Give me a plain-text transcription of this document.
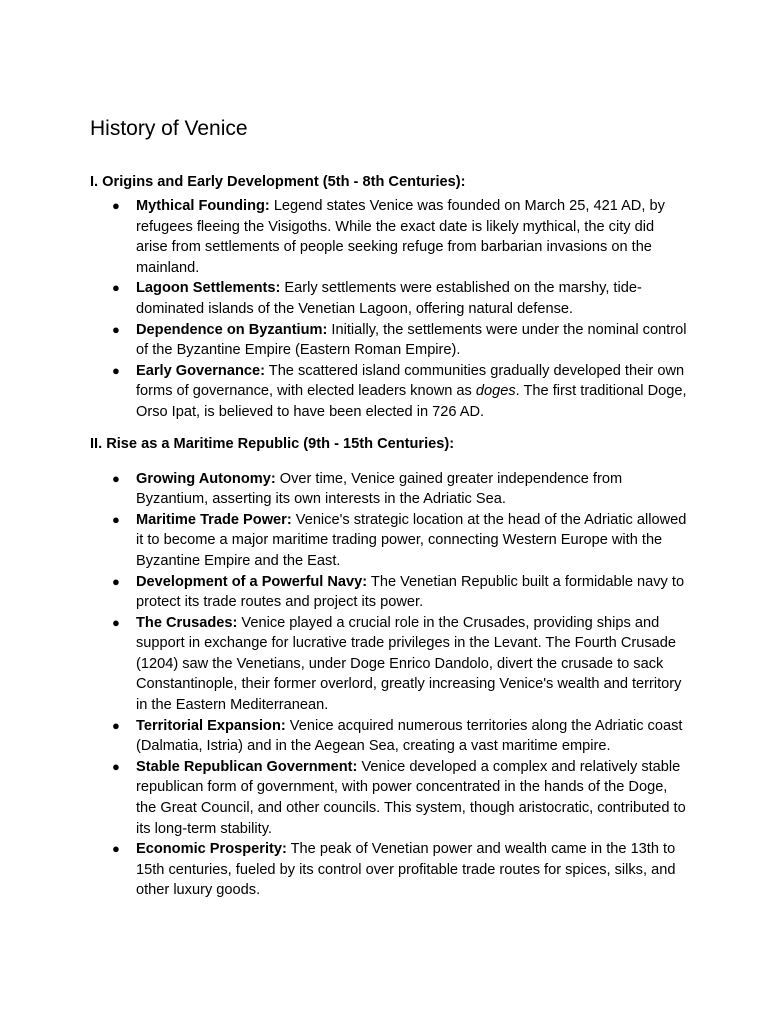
History of Venice
I. Origins and Early Development (5th - 8th Centuries):
● Mythical Founding: Legend states Venice was founded on March 25, 421 AD, by refugees fleeing the Visigoths. While the exact date is likely mythical, the city did arise from settlements of people seeking refuge from barbarian invasions on the mainland.
● Lagoon Settlements: Early settlements were established on the marshy, tide-dominated islands of the Venetian Lagoon, offering natural defense.
● Dependence on Byzantium: Initially, the settlements were under the nominal control of the Byzantine Empire (Eastern Roman Empire).
● Early Governance: The scattered island communities gradually developed their own forms of governance, with elected leaders known as doges. The first traditional Doge, Orso Ipat, is believed to have been elected in 726 AD.
II. Rise as a Maritime Republic (9th - 15th Centuries):
● Growing Autonomy: Over time, Venice gained greater independence from Byzantium, asserting its own interests in the Adriatic Sea.
● Maritime Trade Power: Venice's strategic location at the head of the Adriatic allowed it to become a major maritime trading power, connecting Western Europe with the Byzantine Empire and the East.
● Development of a Powerful Navy: The Venetian Republic built a formidable navy to protect its trade routes and project its power.
● The Crusades: Venice played a crucial role in the Crusades, providing ships and support in exchange for lucrative trade privileges in the Levant. The Fourth Crusade (1204) saw the Venetians, under Doge Enrico Dandolo, divert the crusade to sack Constantinople, their former overlord, greatly increasing Venice's wealth and territory in the Eastern Mediterranean.
● Territorial Expansion: Venice acquired numerous territories along the Adriatic coast (Dalmatia, Istria) and in the Aegean Sea, creating a vast maritime empire.
● Stable Republican Government: Venice developed a complex and relatively stable republican form of government, with power concentrated in the hands of the Doge, the Great Council, and other councils. This system, though aristocratic, contributed to its long-term stability.
● Economic Prosperity: The peak of Venetian power and wealth came in the 13th to 15th centuries, fueled by its control over profitable trade routes for spices, silks, and other luxury goods.
